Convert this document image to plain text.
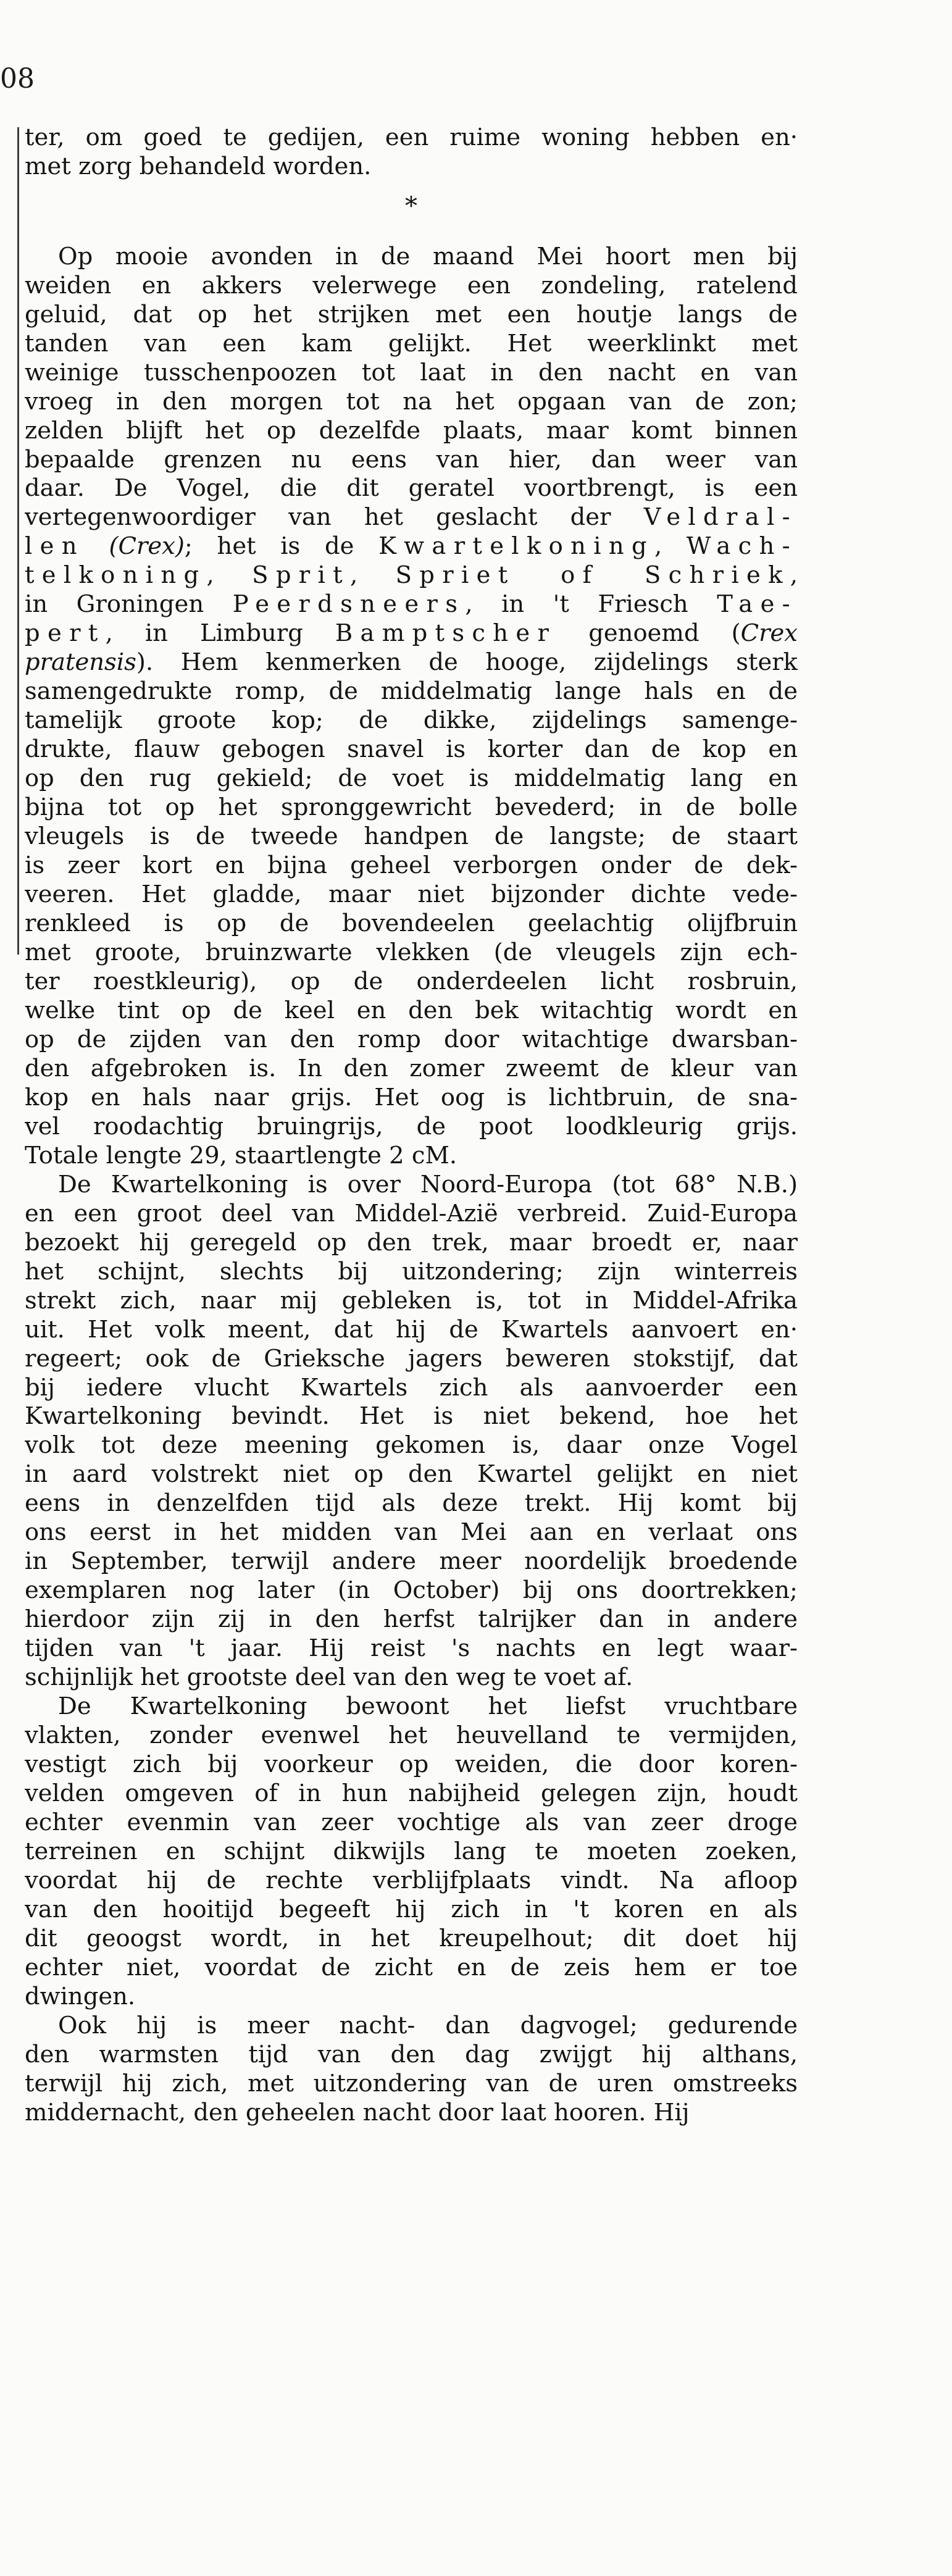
08
ter, om goed te gedijen, een ruime woning hebben en·
met zorg behandeld worden.
*
Op mooie avonden in de maand Mei hoort men bij
weiden en akkers velerwege een zondeling, ratelend
geluid, dat op het strijken met een houtje langs de
tanden van een kam gelijkt. Het weerklinkt met
weinige tusschenpoozen tot laat in den nacht en van
vroeg in den morgen tot na het opgaan van de zon;
zelden blijft het op dezelfde plaats, maar komt binnen
bepaalde grenzen nu eens van hier, dan weer van
daar. De Vogel, die dit geratel voortbrengt, is een
vertegenwoordiger van het geslacht der Veldral-
len (Crex); het is de Kwartelkoning, Wach-
telkoning, Sprit, Spriet of Schriek,
in Groningen Peerdsneers, in 't Friesch Tae-
pert, in Limburg Bamptscher genoemd (Crex
pratensis). Hem kenmerken de hooge, zijdelings sterk
samengedrukte romp, de middelmatig lange hals en de
tamelijk groote kop; de dikke, zijdelings samenge-
drukte, flauw gebogen snavel is korter dan de kop en
op den rug gekield; de voet is middelmatig lang en
bijna tot op het spronggewricht bevederd; in de bolle
vleugels is de tweede handpen de langste; de staart
is zeer kort en bijna geheel verborgen onder de dek-
veeren. Het gladde, maar niet bijzonder dichte vede-
renkleed is op de bovendeelen geelachtig olijfbruin
met groote, bruinzwarte vlekken (de vleugels zijn ech-
ter roestkleurig), op de onderdeelen licht rosbruin,
welke tint op de keel en den bek witachtig wordt en
op de zijden van den romp door witachtige dwarsban-
den afgebroken is. In den zomer zweemt de kleur van
kop en hals naar grijs. Het oog is lichtbruin, de sna-
vel roodachtig bruingrijs, de poot loodkleurig grijs.
Totale lengte 29, staartlengte 2 cM.
De Kwartelkoning is over Noord-Europa (tot 68° N.B.)
en een groot deel van Middel-Azië verbreid. Zuid-Europa
bezoekt hij geregeld op den trek, maar broedt er, naar
het schijnt, slechts bij uitzondering; zijn winterreis
strekt zich, naar mij gebleken is, tot in Middel-Afrika
uit. Het volk meent, dat hij de Kwartels aanvoert en·
regeert; ook de Grieksche jagers beweren stokstijf, dat
bij iedere vlucht Kwartels zich als aanvoerder een
Kwartelkoning bevindt. Het is niet bekend, hoe het
volk tot deze meening gekomen is, daar onze Vogel
in aard volstrekt niet op den Kwartel gelijkt en niet
eens in denzelfden tijd als deze trekt. Hij komt bij
ons eerst in het midden van Mei aan en verlaat ons
in September, terwijl andere meer noordelijk broedende
exemplaren nog later (in October) bij ons doortrekken;
hierdoor zijn zij in den herfst talrijker dan in andere
tijden van 't jaar. Hij reist 's nachts en legt waar-
schijnlijk het grootste deel van den weg te voet af.
De Kwartelkoning bewoont het liefst vruchtbare
vlakten, zonder evenwel het heuvelland te vermijden,
vestigt zich bij voorkeur op weiden, die door koren-
velden omgeven of in hun nabijheid gelegen zijn, houdt
echter evenmin van zeer vochtige als van zeer droge
terreinen en schijnt dikwijls lang te moeten zoeken,
voordat hij de rechte verblijfplaats vindt. Na afloop
van den hooitijd begeeft hij zich in 't koren en als
dit geoogst wordt, in het kreupelhout; dit doet hij
echter niet, voordat de zicht en de zeis hem er toe
dwingen.
Ook hij is meer nacht- dan dagvogel; gedurende
den warmsten tijd van den dag zwijgt hij althans,
terwijl hij zich, met uitzondering van de uren omstreeks
middernacht, den geheelen nacht door laat hooren. Hij
